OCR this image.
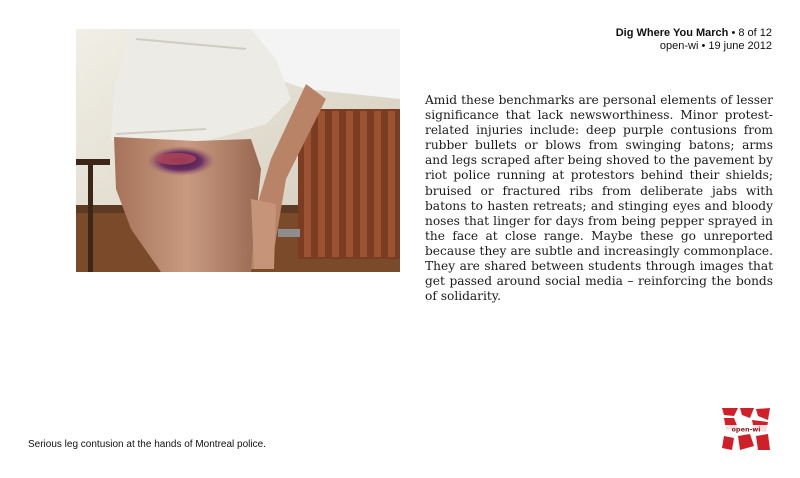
Dig Where You March • 8 of 12
open-wi • 19 june 2012

Amid these benchmarks are personal elements of lesser significance that lack newsworthiness. Minor protest-related injuries include: deep purple contusions from rubber bullets or blows from swinging batons; arms and legs scraped after being shoved to the pavement by riot police running at protestors behind their shields; bruised or fractured ribs from deliberate jabs with batons to hasten retreats; and stinging eyes and bloody noses that linger for days from being pepper sprayed in the face at close range. Maybe these go unreported because they are subtle and increasingly commonplace. They are shared between students through images that get passed around social media – reinforcing the bonds of solidarity.

Serious leg contusion at the hands of Montreal police.
open-wi
